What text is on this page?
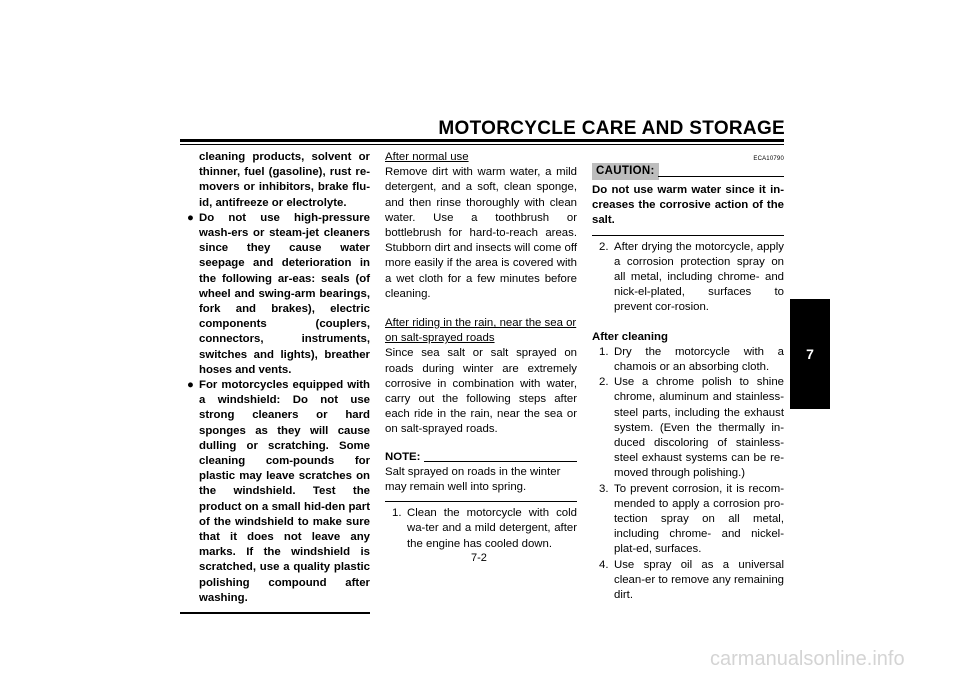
MOTORCYCLE CARE AND STORAGE

cleaning products, solvent or thinner, fuel (gasoline), rust re-movers or inhibitors, brake flu-id, antifreeze or electrolyte.

● Do not use high-pressure wash-ers or steam-jet cleaners since they cause water seepage and deterioration in the following ar-eas: seals (of wheel and swing-arm bearings, fork and brakes), electric components (couplers, connectors, instruments, switches and lights), breather hoses and vents.
● For motorcycles equipped with a windshield: Do not use strong cleaners or hard sponges as they will cause dulling or scratching. Some cleaning com-pounds for plastic may leave scratches on the windshield. Test the product on a small hid-den part of the windshield to make sure that it does not leave any marks. If the windshield is scratched, use a quality plastic polishing compound after washing.

After normal use

Remove dirt with warm water, a mild detergent, and a soft, clean sponge, and then rinse thoroughly with clean water. Use a toothbrush or bottlebrush for hard-to-reach areas. Stubborn dirt and insects will come off more easily if the area is covered with a wet cloth for a few minutes before cleaning.

After riding in the rain, near the sea or on salt-sprayed roads

Since sea salt or salt sprayed on roads during winter are extremely corrosive in combination with water, carry out the following steps after each ride in the rain, near the sea or on salt-sprayed roads.

NOTE:

Salt sprayed on roads in the winter may remain well into spring.

1. Clean the motorcycle with cold wa-ter and a mild detergent, after the engine has cooled down.
ECA10790
CAUTION:

Do not use warm water since it in-creases the corrosive action of the salt.

2. After drying the motorcycle, apply a corrosion protection spray on all metal, including chrome- and nick-el-plated, surfaces to prevent cor-rosion.

After cleaning

1. Dry the motorcycle with a chamois or an absorbing cloth.
2. Use a chrome polish to shine chrome, aluminum and stainless-steel parts, including the exhaust system. (Even the thermally in-duced discoloring of stainless-steel exhaust systems can be re-moved through polishing.)
3. To prevent corrosion, it is recom-mended to apply a corrosion pro-tection spray on all metal, including chrome- and nickel-plat-ed, surfaces.
4. Use spray oil as a universal clean-er to remove any remaining dirt.
7
7-2
carmanualsonline.info
